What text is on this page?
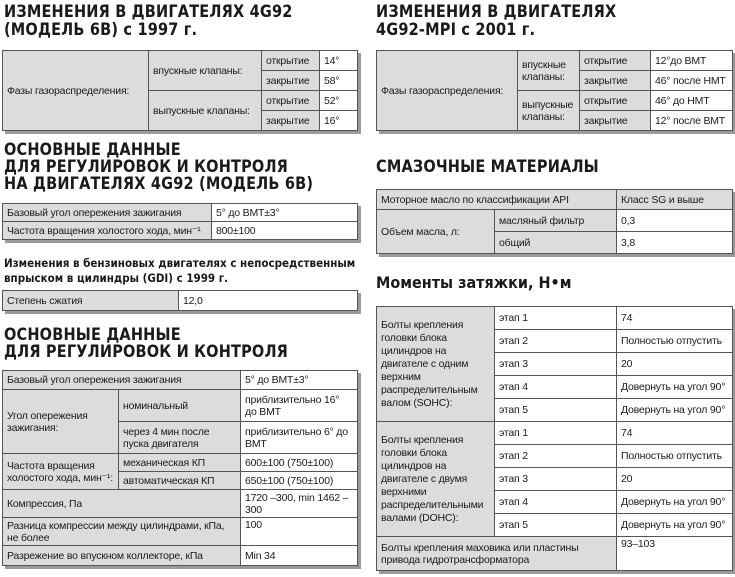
ИЗМЕНЕНИЯ В ДВИГАТЕЛЯХ 4G92
(МОДЕЛЬ 6В) с 1997 г.
Фазы газораспределения:	впускные клапаны:	открытие	14°
		закрытие	58°
	выпускные клапаны:	открытие	52°
		закрытие	16°
ОСНОВНЫЕ ДАННЫЕ
ДЛЯ РЕГУЛИРОВОК И КОНТРОЛЯ
НА ДВИГАТЕЛЯХ 4G92 (МОДЕЛЬ 6В)
Базовый угол опережения зажигания	5° до ВМТ±3°
Частота вращения холостого хода, мин⁻¹	800±100
Изменения в бензиновых двигателях с непосредственным
впрыском в цилиндры (GDI) с 1999 г.
Степень сжатия	12,0
ОСНОВНЫЕ ДАННЫЕ
ДЛЯ РЕГУЛИРОВОК И КОНТРОЛЯ
Базовый угол опережения зажигания		5° до ВМТ±3°
Угол опережения зажигания:	номинальный	приблизительно 16° до ВМТ
	через 4 мин после пуска двигателя	приблизительно 6° до ВМТ
Частота вращения холостого хода, мин⁻¹:	механическая КП	600±100 (750±100)
	автоматическая КП	650±100 (750±100)
Компрессия, Па		1720 –300, min 1462 –300
Разница компрессии между цилиндрами, кПа, не более		100
Разрежение во впускном коллекторе, кПа		Min 34
ИЗМЕНЕНИЯ В ДВИГАТЕЛЯХ
4G92-MPI с 2001 г.
Фазы газораспределения:	впускные клапаны:	открытие	12°до ВМТ
		закрытие	46° после НМТ
	выпускные клапаны:	открытие	46° до НМТ
		закрытие	12° после ВМТ
СМАЗОЧНЫЕ МАТЕРИАЛЫ
Моторное масло по классификации API		Класс SG и выше
Объем масла, л:	масляный фильтр	0,3
	общий	3,8
Моменты затяжки, Н•м
Болты крепления головки блока цилиндров на двигателе с одним верхним распределительным валом (SOHC):	этап 1	74
	этап 2	Полностью отпустить
	этап 3	20
	этап 4	Довернуть на угол 90°
	этап 5	Довернуть на угол 90°
Болты крепления головки блока цилиндров на двигателе с двумя верхними распределительными валами (DOHC):	этап 1	74
	этап 2	Полностью отпустить
	этап 3	20
	этап 4	Довернуть на угол 90°
	этап 5	Довернуть на угол 90°
Болты крепления маховика или пластины привода гидротрансформатора		93–103
